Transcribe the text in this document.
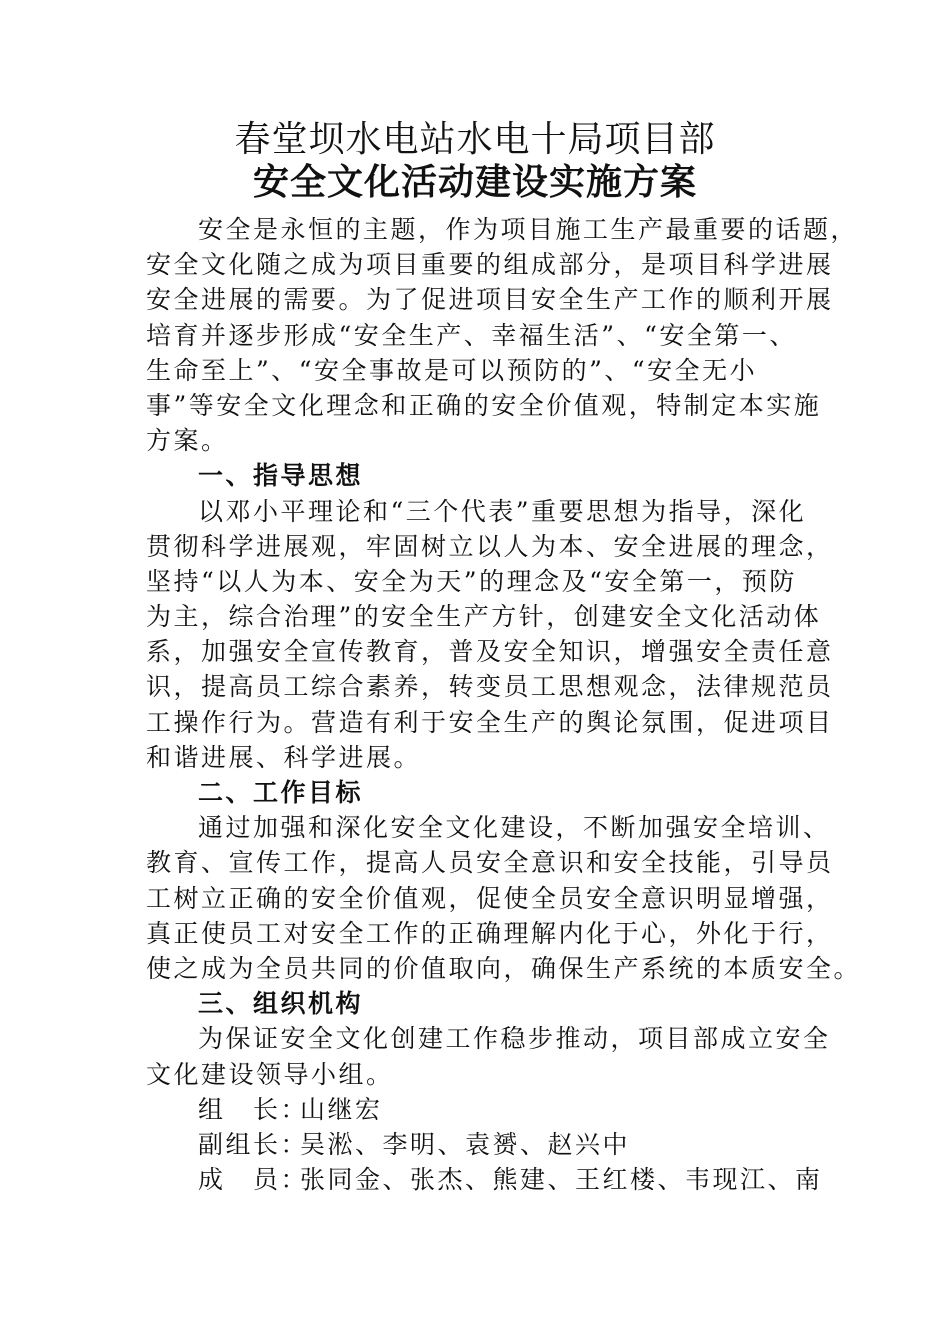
春堂坝水电站水电十局项目部
安全文化活动建设实施方案
安全是永恒的主题，作为项目施工生产最重要的话题，
安全文化随之成为项目重要的组成部分，是项目科学进展
安全进展的需要。为了促进项目安全生产工作的顺利开展
培育并逐步形成“安全生产、幸福生活”、“安全第一、
生命至上”、“安全事故是可以预防的”、“安全无小
事”等安全文化理念和正确的安全价值观，特制定本实施
方案。
一、指导思想
以邓小平理论和“三个代表”重要思想为指导，深化
贯彻科学进展观，牢固树立以人为本、安全进展的理念，
坚持“以人为本、安全为天”的理念及“安全第一，预防
为主，综合治理”的安全生产方针，创建安全文化活动体
系，加强安全宣传教育，普及安全知识，增强安全责任意
识，提高员工综合素养，转变员工思想观念，法律规范员
工操作行为。营造有利于安全生产的舆论氛围，促进项目
和谐进展、科学进展。
二、工作目标
通过加强和深化安全文化建设，不断加强安全培训、
教育、宣传工作，提高人员安全意识和安全技能，引导员
工树立正确的安全价值观，促使全员安全意识明显增强，
真正使员工对安全工作的正确理解内化于心，外化于行，
使之成为全员共同的价值取向，确保生产系统的本质安全。
三、组织机构
为保证安全文化创建工作稳步推动，项目部成立安全
文化建设领导小组。
组　长：山继宏
副组长：吴淞、李明、袁赟、赵兴中
成　员：张同金、张杰、熊建、王红楼、韦现江、南
